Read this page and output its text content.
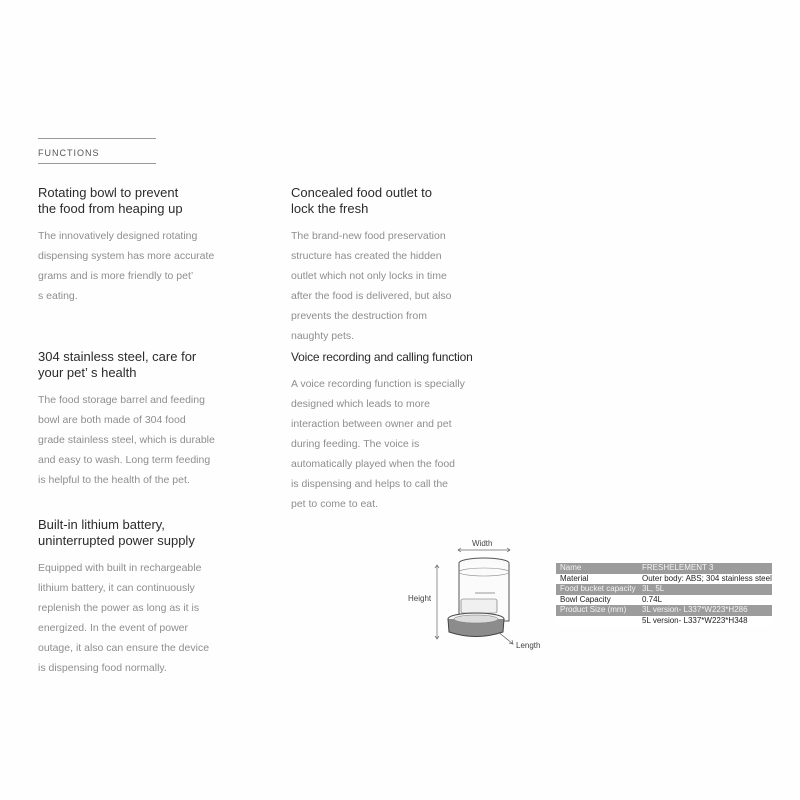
FUNCTIONS
Rotating bowl to prevent
the food from heaping up

The innovatively designed rotating
dispensing system has more accurate
grams and is more friendly to pet’
s eating.

304 stainless steel, care for
your pet’ s health

The food storage barrel and feeding
bowl are both made of 304 food
grade stainless steel, which is durable
and easy to wash. Long term feeding
is helpful to the health of the pet.

Built-in lithium battery,
uninterrupted power supply

Equipped with built in rechargeable
lithium battery, it can continuously
replenish the power as long as it is
energized. In the event of power
outage, it also can ensure the device
is dispensing food normally.

Concealed food outlet to
lock the fresh

The brand-new food preservation
structure has created the hidden
outlet which not only locks in time
after the food is delivered, but also
prevents the destruction from
naughty pets.

Voice recording and calling function

A voice recording function is specially
designed which leads to more
interaction between owner and pet
during feeding. The voice is
automatically played when the food
is dispensing and helps to call the
pet to come to eat.

Width
Height
Length
Name	FRESHELEMENT 3
Material	Outer body: ABS; 304 stainless steel
Food bucket capacity	3L, 5L
Bowl Capacity	0.74L
Product Size (mm)	3L version- L337*W223*H286
	5L version- L337*W223*H348
